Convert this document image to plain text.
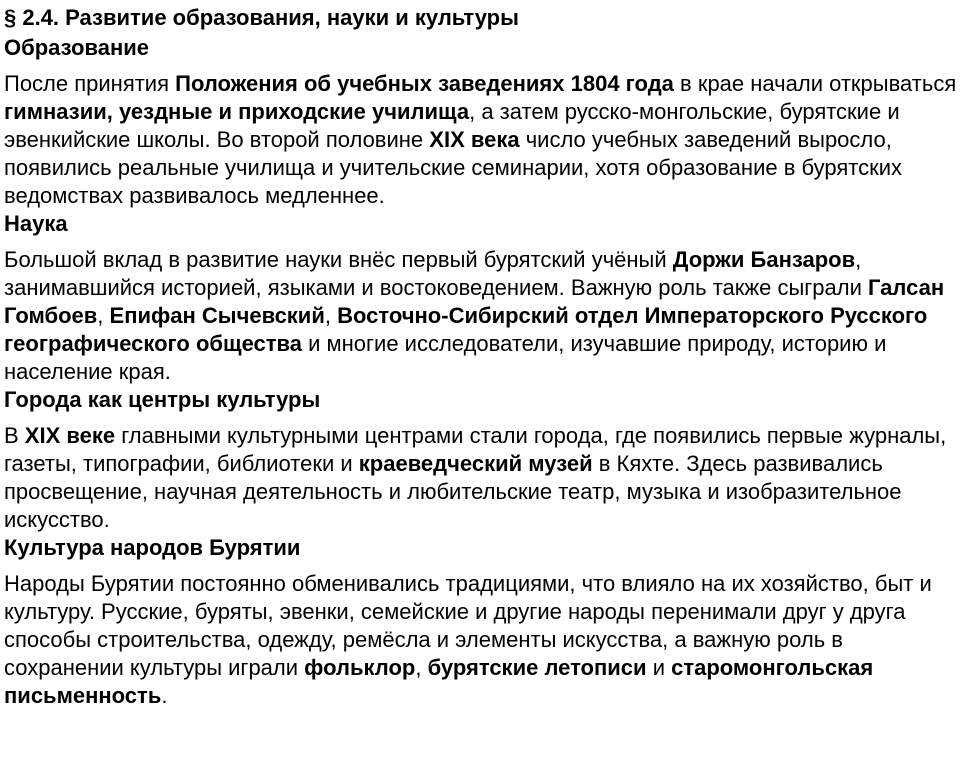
§ 2.4. Развитие образования, науки и культуры
Образование

После принятия Положения об учебных заведениях 1804 года в крае начали открываться гимназии, уездные и приходские училища, а затем русско-монгольские, бурятские и эвенкийские школы. Во второй половине XIX века число учебных заведений выросло, появились реальные училища и учительские семинарии, хотя образование в бурятских ведомствах развивалось медленнее.

Наука

Большой вклад в развитие науки внёс первый бурятский учёный Доржи Банзаров, занимавшийся историей, языками и востоковедением. Важную роль также сыграли Галсан Гомбоев, Епифан Сычевский, Восточно-Сибирский отдел Императорского Русского географического общества и многие исследователи, изучавшие природу, историю и население края.

Города как центры культуры

В XIX веке главными культурными центрами стали города, где появились первые журналы, газеты, типографии, библиотеки и краеведческий музей в Кяхте. Здесь развивались просвещение, научная деятельность и любительские театр, музыка и изобразительное искусство.

Культура народов Бурятии

Народы Бурятии постоянно обменивались традициями, что влияло на их хозяйство, быт и культуру. Русские, буряты, эвенки, семейские и другие народы перенимали друг у друга способы строительства, одежду, ремёсла и элементы искусства, а важную роль в сохранении культуры играли фольклор, бурятские летописи и старомонгольская письменность.
